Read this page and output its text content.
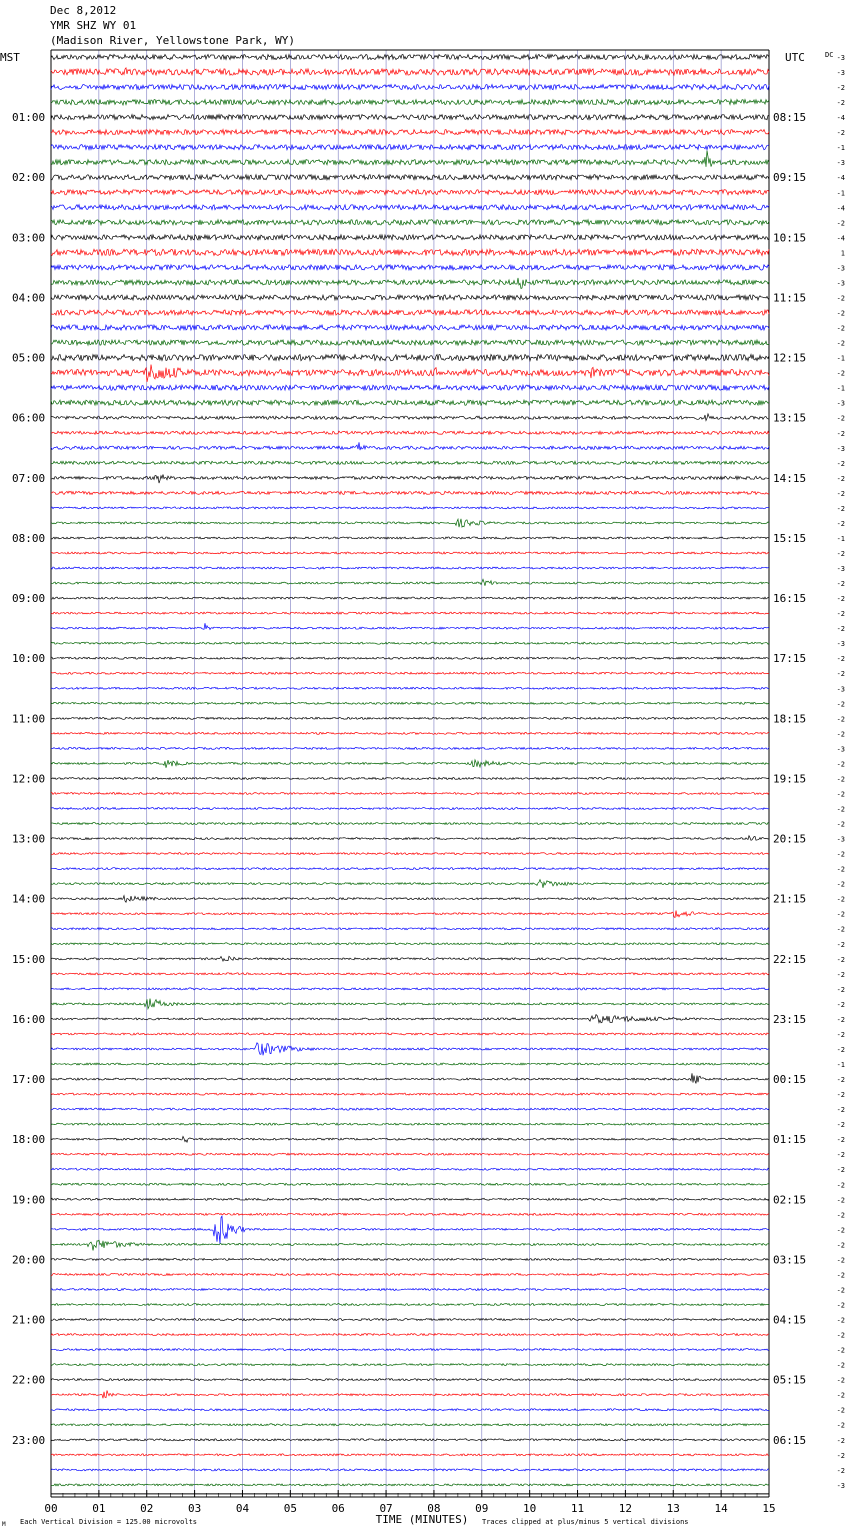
Dec 8,2012
YMR SHZ WY 01
(Madison River, Yellowstone Park, WY)
01:00
02:00
03:00
04:00
05:00
06:00
07:00
08:00
09:00
10:00
11:00
12:00
13:00
14:00
15:00
16:00
17:00
18:00
19:00
20:00
21:00
22:00
23:00
08:15
09:15
10:15
11:15
12:15
13:15
14:15
15:15
16:15
17:15
18:15
19:15
20:15
21:15
22:15
23:15
00:15
01:15
02:15
03:15
04:15
05:15
06:15
-3
-3
-2
-2
-4
-2
-1
-3
-4
-1
-4
-2
-4
1
-3
-3
-2
-2
-2
-2
-1
-2
-1
-3
-2
-2
-3
-2
-2
-2
-2
-2
-1
-2
-3
-2
-2
-2
-2
-3
-2
-2
-3
-2
-2
-2
-3
-2
-2
-2
-2
-2
-3
-2
-2
-2
-2
-2
-2
-2
-2
-2
-2
-2
-2
-2
-2
-1
-2
-2
-2
-2
-2
-2
-2
-2
-2
-2
-2
-2
-2
-2
-2
-2
-2
-2
-2
-2
-2
-2
-2
-2
-2
-2
-2
-3
00	01	02	03	04	05	06	07	08	09	10	11	12	13	14	15
MST	UTC	DC
TIME (MINUTES)
Each Vertical Division = 125.00 microvolts	Traces clipped at plus/minus 5 vertical divisions
M
